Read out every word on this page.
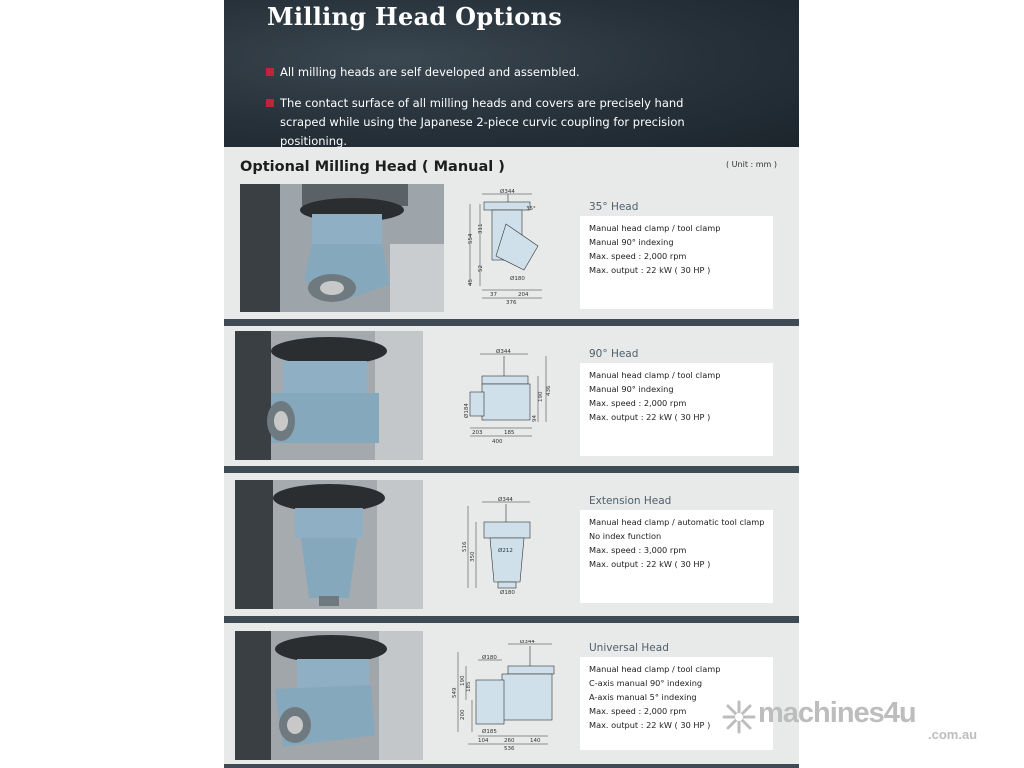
Milling Head Options
All milling heads are self developed and assembled.
The contact surface of all milling heads and covers are precisely hand scraped while using the Japanese 2-piece curvic coupling for precision positioning.
Optional Milling Head ( Manual )	( Unit : mm )
Ø344
35°
311
554
52
45	Ø180
37	204
376
35° Head
Manual head clamp / tool clamp
Manual 90° indexing
Max. speed : 2,000 rpm
Max. output : 22 kW ( 30 HP )
Ø344
Ø184
203	185
400
190
436
94
90° Head
Manual head clamp / tool clamp
Manual 90° indexing
Max. speed : 2,000 rpm
Max. output : 22 kW ( 30 HP )
Ø344
516
350
Ø212
Ø180
Extension Head
Manual head clamp / automatic tool clamp
No index function
Max. speed : 3,000 rpm
Max. output : 22 kW ( 30 HP )
Ø344
Ø180
549
190
185
200
Ø185
104	260	140
536
Universal Head
Manual head clamp / tool clamp
C-axis manual 90° indexing
A-axis manual 5° indexing
Max. speed : 2,000 rpm
Max. output : 22 kW ( 30 HP ) machines4u
.com.au
